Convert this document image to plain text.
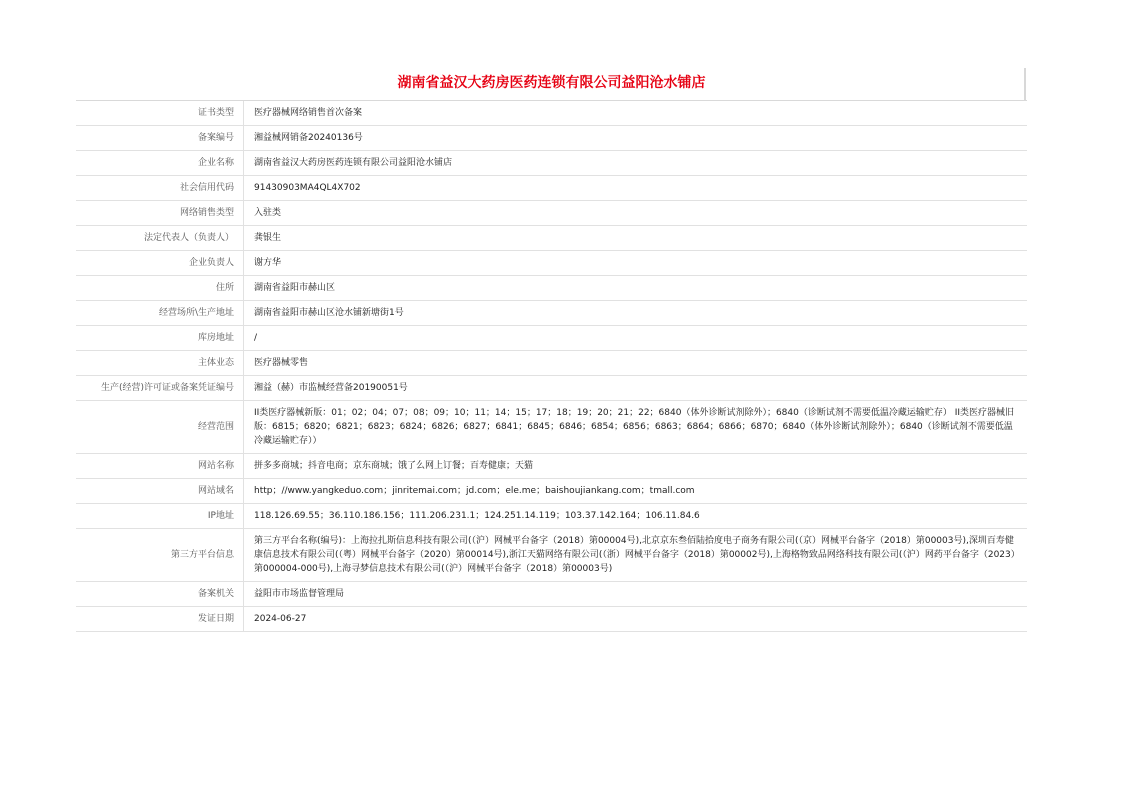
湖南省益汉大药房医药连锁有限公司益阳沧水铺店
证书类型	医疗器械网络销售首次备案
备案编号	湘益械网销备20240136号
企业名称	湖南省益汉大药房医药连锁有限公司益阳沧水铺店
社会信用代码	91430903MA4QL4X702
网络销售类型	入驻类
法定代表人（负责人）	龚银生
企业负责人	谢方华
住所	湖南省益阳市赫山区
经营场所\生产地址	湖南省益阳市赫山区沧水铺新塘街1号
库房地址	/
主体业态	医疗器械零售
生产(经营)许可证或备案凭证编号	湘益（赫）市监械经营备20190051号
经营范围	II类医疗器械新版：01；02；04；07；08；09；10；11；14；15；17；18；19；20；21；22；6840（体外诊断试剂除外）；6840（诊断试剂不需要低温冷藏运输贮存） II类医疗器械旧版：6815；6820；6821；6823；6824；6826；6827；6841；6845；6846；6854；6856；6863；6864；6866；6870；6840（体外诊断试剂除外）；6840（诊断试剂不需要低温冷藏运输贮存））
网站名称	拼多多商城；抖音电商；京东商城；饿了么网上订餐；百寿健康；天猫
网站域名	http；//www.yangkeduo.com；jinritemai.com；jd.com；ele.me；baishoujiankang.com；tmall.com
IP地址	118.126.69.55；36.110.186.156；111.206.231.1；124.251.14.119；103.37.142.164；106.11.84.6
第三方平台信息	第三方平台名称(编号)：上海拉扎斯信息科技有限公司(（沪）网械平台备字（2018）第00004号),北京京东叁佰陆拾度电子商务有限公司(（京）网械平台备字（2018）第00003号),深圳百寿健康信息技术有限公司(（粤）网械平台备字（2020）第00014号),浙江天猫网络有限公司(（浙）网械平台备字（2018）第00002号),上海格物致品网络科技有限公司(（沪）网药平台备字（2023）第000004-000号),上海寻梦信息技术有限公司(（沪）网械平台备字（2018）第00003号)
备案机关	益阳市市场监督管理局
发证日期	2024-06-27
